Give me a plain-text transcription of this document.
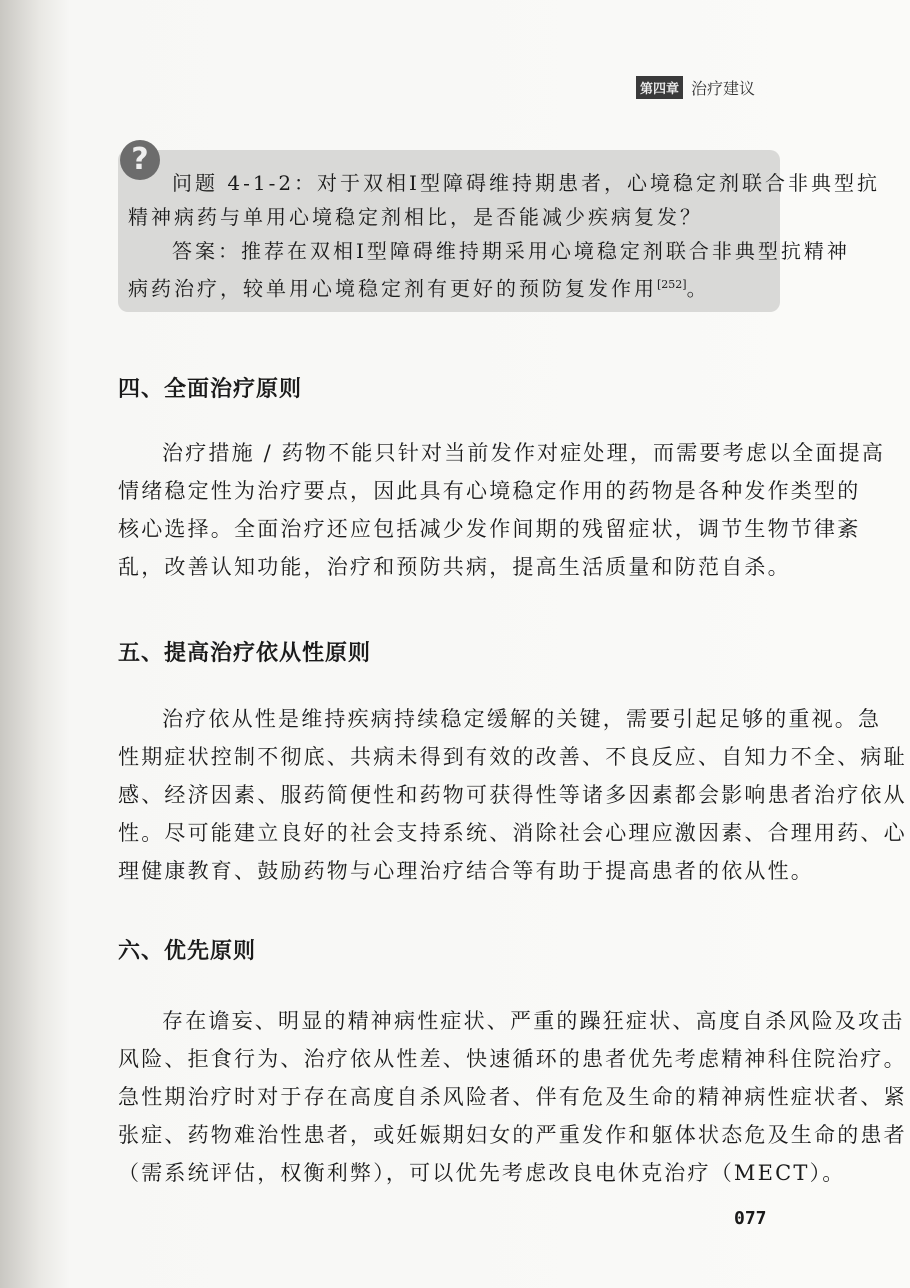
第四章 治疗建议
?
问题 4-1-2：对于双相Ⅰ型障碍维持期患者，心境稳定剂联合非典型抗
精神病药与单用心境稳定剂相比，是否能减少疾病复发？
答案：推荐在双相Ⅰ型障碍维持期采用心境稳定剂联合非典型抗精神
病药治疗，较单用心境稳定剂有更好的预防复发作用[252]。
四、全面治疗原则
治疗措施 / 药物不能只针对当前发作对症处理，而需要考虑以全面提高
情绪稳定性为治疗要点，因此具有心境稳定作用的药物是各种发作类型的
核心选择。全面治疗还应包括减少发作间期的残留症状，调节生物节律紊
乱，改善认知功能，治疗和预防共病，提高生活质量和防范自杀。
五、提高治疗依从性原则
治疗依从性是维持疾病持续稳定缓解的关键，需要引起足够的重视。急
性期症状控制不彻底、共病未得到有效的改善、不良反应、自知力不全、病耻
感、经济因素、服药简便性和药物可获得性等诸多因素都会影响患者治疗依从
性。尽可能建立良好的社会支持系统、消除社会心理应激因素、合理用药、心
理健康教育、鼓励药物与心理治疗结合等有助于提高患者的依从性。
六、优先原则
存在谵妄、明显的精神病性症状、严重的躁狂症状、高度自杀风险及攻击
风险、拒食行为、治疗依从性差、快速循环的患者优先考虑精神科住院治疗。
急性期治疗时对于存在高度自杀风险者、伴有危及生命的精神病性症状者、紧
张症、药物难治性患者，或妊娠期妇女的严重发作和躯体状态危及生命的患者
（需系统评估，权衡利弊），可以优先考虑改良电休克治疗（MECT）。
077
